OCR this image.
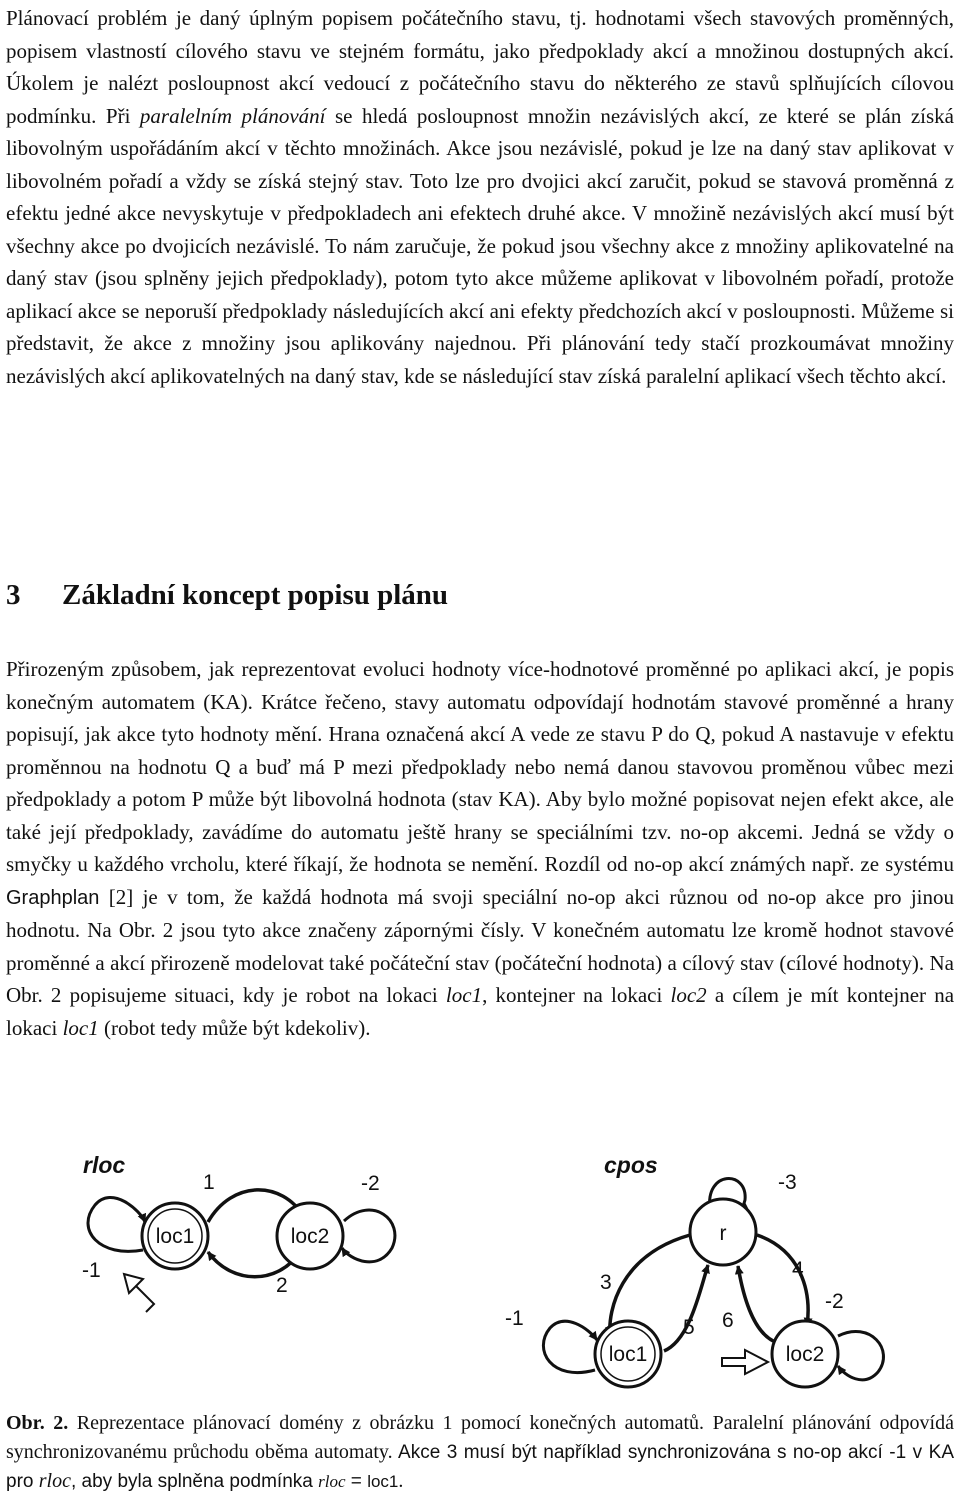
Plánovací problém je daný úplným popisem počátečního stavu, tj. hodnotami všech stavových proměnných, popisem vlastností cílového stavu ve stejném formátu, jako předpoklady akcí a množinou dostupných akcí. Úkolem je nalézt posloupnost akcí vedoucí z počátečního stavu do některého ze stavů splňujících cílovou podmínku. Při paralelním plánování se hledá posloupnost množin nezávislých akcí, ze které se plán získá libovolným uspořádáním akcí v těchto množinách. Akce jsou nezávislé, pokud je lze na daný stav aplikovat v libovolném pořadí a vždy se získá stejný stav. Toto lze pro dvojici akcí zaručit, pokud se stavová proměnná z efektu jedné akce nevyskytuje v předpokladech ani efektech druhé akce. V množině nezávislých akcí musí být všechny akce po dvojicích nezávislé. To nám zaručuje, že pokud jsou všechny akce z množiny aplikovatelné na daný stav (jsou splněny jejich předpoklady), potom tyto akce můžeme aplikovat v libovolném pořadí, protože aplikací akce se neporuší předpoklady následujících akcí ani efekty předchozích akcí v posloupnosti. Můžeme si představit, že akce z množiny jsou aplikovány najednou. Při plánování tedy stačí prozkoumávat množiny nezávislých akcí aplikovatelných na daný stav, kde se následující stav získá paralelní aplikací všech těchto akcí.

3 Základní koncept popisu plánu

Přirozeným způsobem, jak reprezentovat evoluci hodnoty více-hodnotové proměnné po aplikaci akcí, je popis konečným automatem (KA). Krátce řečeno, stavy automatu odpovídají hodnotám stavové proměnné a hrany popisují, jak akce tyto hodnoty mění. Hrana označená akcí A vede ze stavu P do Q, pokud A nastavuje v efektu proměnnou na hodnotu Q a buď má P mezi předpoklady nebo nemá danou stavovou proměnou vůbec mezi předpoklady a potom P může být libovolná hodnota (stav KA). Aby bylo možné popisovat nejen efekt akce, ale také její předpoklady, zavádíme do automatu ještě hrany se speciálními tzv. no-op akcemi. Jedná se vždy o smyčky u každého vrcholu, které říkají, že hodnota se nemění. Rozdíl od no-op akcí známých např. ze systému Graphplan [2] je v tom, že každá hodnota má svoji speciální no-op akci různou od no-op akce pro jinou hodnotu. Na Obr. 2 jsou tyto akce značeny zápornými čísly. V konečném automatu lze kromě hodnot stavové proměnné a akcí přirozeně modelovat také počáteční stav (počáteční hodnota) a cílový stav (cílové hodnoty). Na Obr. 2 popisujeme situaci, kdy je robot na lokaci loc1, kontejner na lokaci loc2 a cílem je mít kontejner na lokaci loc1 (robot tedy může být kdekoliv).

rloc
loc1	loc2
1
2
-1
-2
cpos
r
loc1	loc2
3
4
5 6
-3
-1
-2

Obr. 2. Reprezentace plánovací domény z obrázku 1 pomocí konečných automatů. Paralelní plánování odpovídá synchronizovanému průchodu oběma automaty. Akce 3 musí být například synchronizována s no-op akcí -1 v KA pro rloc, aby byla splněna podmínka rloc = loc1.
